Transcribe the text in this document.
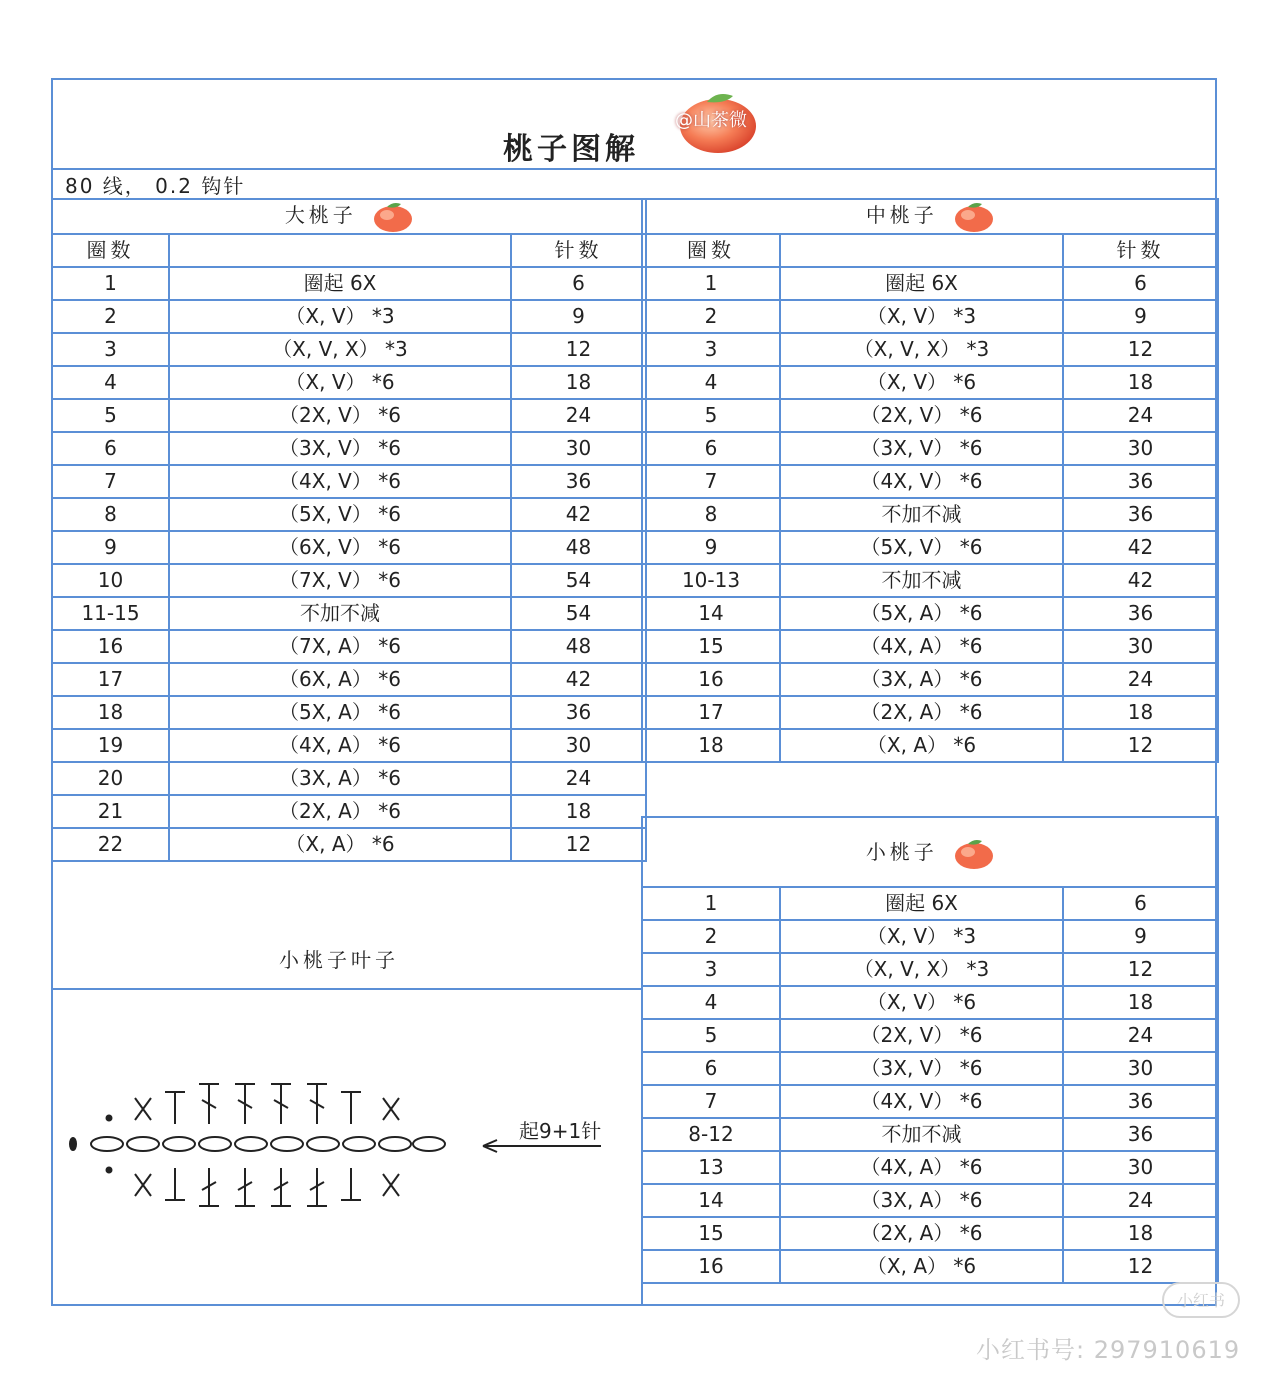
桃子图解
@山茶微
80 线， 0.2 钩针
大桃子		
圈数		针数
1	圈起 6X	6
2	（X, V） *3	9
3	（X, V, X） *3	12
4	（X, V） *6	18
5	（2X, V） *6	24
6	（3X, V） *6	30
7	（4X, V） *6	36
8	（5X, V） *6	42
9	（6X, V） *6	48
10	（7X, V） *6	54
11-15	不加不减	54
16	（7X, A） *6	48
17	（6X, A） *6	42
18	（5X, A） *6	36
19	（4X, A） *6	30
20	（3X, A） *6	24
21	（2X, A） *6	18
22	（X, A） *6	12
中桃子		
圈数		针数
1	圈起 6X	6
2	（X, V） *3	9
3	（X, V, X） *3	12
4	（X, V） *6	18
5	（2X, V） *6	24
6	（3X, V） *6	30
7	（4X, V） *6	36
8	不加不减	36
9	（5X, V） *6	42
10-13	不加不减	42
14	（5X, A） *6	36
15	（4X, A） *6	30
16	（3X, A） *6	24
17	（2X, A） *6	18
18	（X, A） *6	12
小桃子		
1	圈起 6X	6
2	（X, V） *3	9
3	（X, V, X） *3	12
4	（X, V） *6	18
5	（2X, V） *6	24
6	（3X, V） *6	30
7	（4X, V） *6	36
8-12	不加不减	36
13	（4X, A） *6	30
14	（3X, A） *6	24
15	（2X, A） *6	18
16	（X, A） *6	12
小桃子叶子
起9+1针
小红书
小红书号: 297910619
